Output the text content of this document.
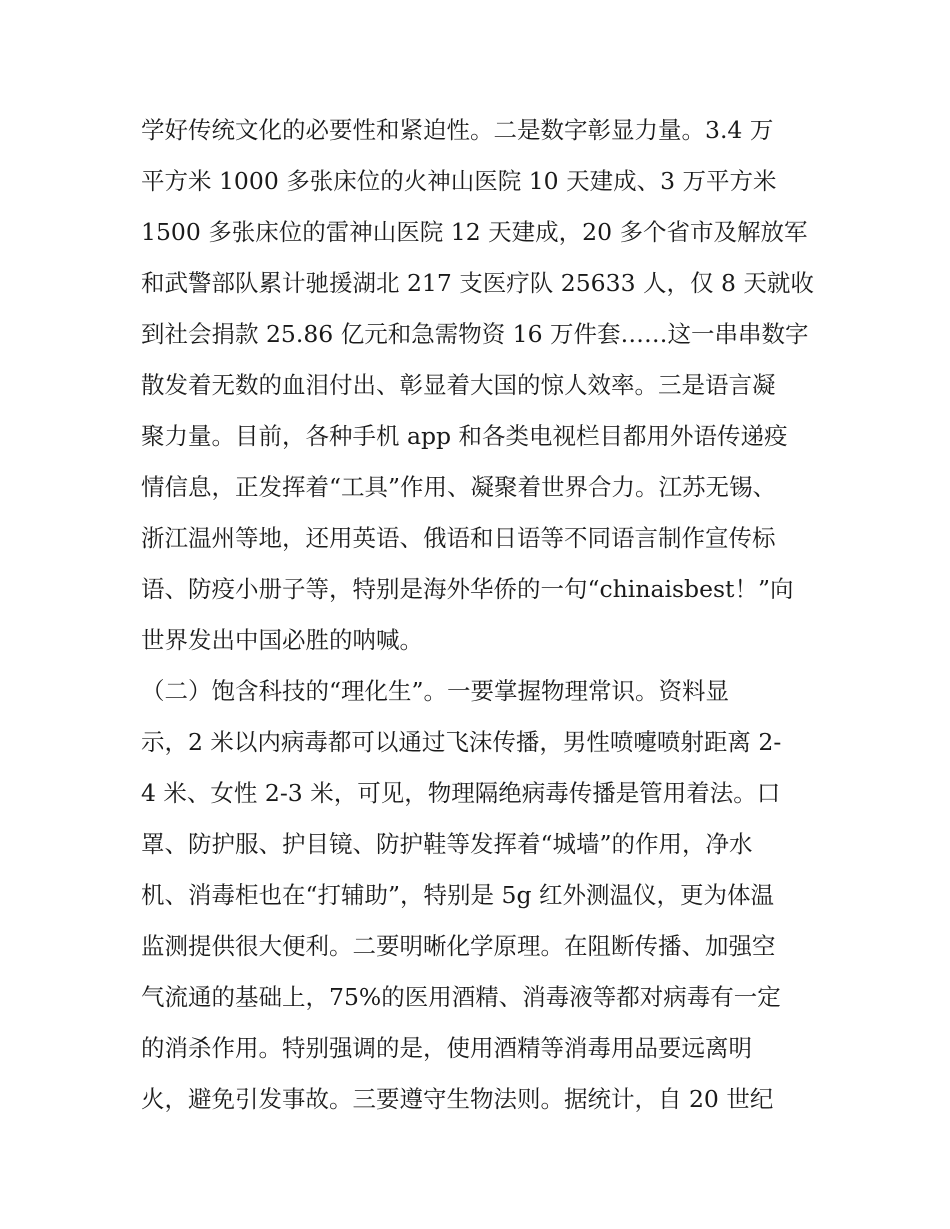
学好传统文化的必要性和紧迫性。二是数字彰显力量。3.4 万
平方米 1000 多张床位的火神山医院 10 天建成、3 万平方米
1500 多张床位的雷神山医院 12 天建成，20 多个省市及解放军
和武警部队累计驰援湖北 217 支医疗队 25633 人，仅 8 天就收
到社会捐款 25.86 亿元和急需物资 16 万件套……这一串串数字
散发着无数的血泪付出、彰显着大国的惊人效率。三是语言凝
聚力量。目前，各种手机 app 和各类电视栏目都用外语传递疫
情信息，正发挥着“工具”作用、凝聚着世界合力。江苏无锡、
浙江温州等地，还用英语、俄语和日语等不同语言制作宣传标
语、防疫小册子等，特别是海外华侨的一句“chinaisbest！”向
世界发出中国必胜的呐喊。
（二）饱含科技的“理化生”。一要掌握物理常识。资料显
示，2 米以内病毒都可以通过飞沫传播，男性喷嚏喷射距离 2-
4 米、女性 2-3 米，可见，物理隔绝病毒传播是管用着法。口
罩、防护服、护目镜、防护鞋等发挥着“城墙”的作用，净水
机、消毒柜也在“打辅助”，特别是 5g 红外测温仪，更为体温
监测提供很大便利。二要明晰化学原理。在阻断传播、加强空
气流通的基础上，75%的医用酒精、消毒液等都对病毒有一定
的消杀作用。特别强调的是，使用酒精等消毒用品要远离明
火，避免引发事故。三要遵守生物法则。据统计，自 20 世纪
